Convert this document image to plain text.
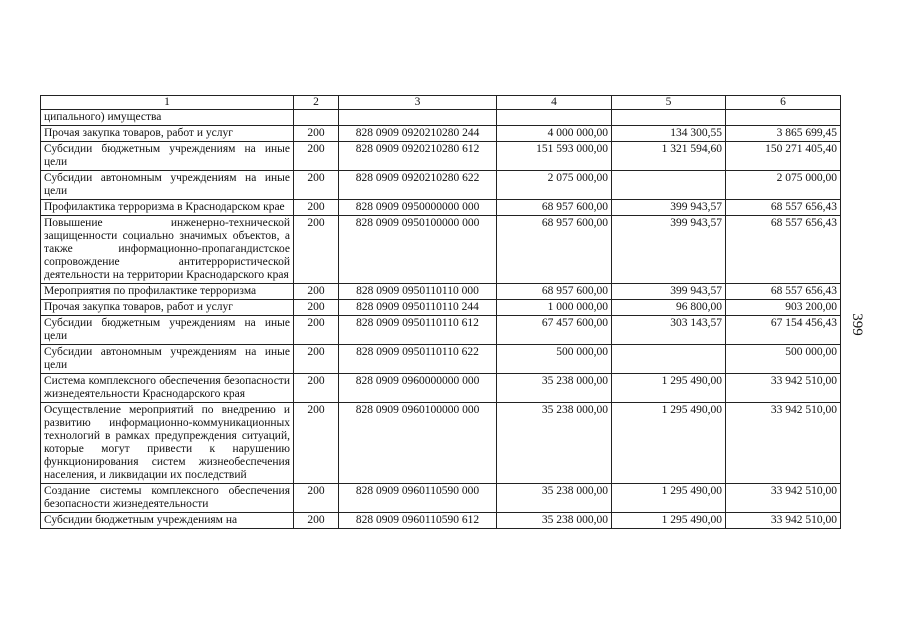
1	2	3	4	5	6
ципального) имущества					
Прочая закупка товаров, работ и услуг	200	828 0909 0920210280 244	4 000 000,00	134 300,55	3 865 699,45
Субсидии бюджетным учреждениям на иные цели	200	828 0909 0920210280 612	151 593 000,00	1 321 594,60	150 271 405,40
Субсидии автономным учреждениям на иные цели	200	828 0909 0920210280 622	2 075 000,00		2 075 000,00
Профилактика терроризма в Краснодарском крае	200	828 0909 0950000000 000	68 957 600,00	399 943,57	68 557 656,43
Повышение инженерно-технической защищенности социально значимых объектов, а также информационно-пропагандистское сопровождение антитеррористической деятельности на территории Краснодарского края	200	828 0909 0950100000 000	68 957 600,00	399 943,57	68 557 656,43
Мероприятия по профилактике терроризма	200	828 0909 0950110110 000	68 957 600,00	399 943,57	68 557 656,43
Прочая закупка товаров, работ и услуг	200	828 0909 0950110110 244	1 000 000,00	96 800,00	903 200,00
Субсидии бюджетным учреждениям на иные цели	200	828 0909 0950110110 612	67 457 600,00	303 143,57	67 154 456,43
Субсидии автономным учреждениям на иные цели	200	828 0909 0950110110 622	500 000,00		500 000,00
Система комплексного обеспечения безопасности жизнедеятельности Краснодарского края	200	828 0909 0960000000 000	35 238 000,00	1 295 490,00	33 942 510,00
Осуществление мероприятий по внедрению и развитию информационно-коммуникационных технологий в рамках предупреждения ситуаций, которые могут привести к нарушению функционирования систем жизнеобеспечения населения, и ликвидации их последствий	200	828 0909 0960100000 000	35 238 000,00	1 295 490,00	33 942 510,00
Создание системы комплексного обеспечения безопасности жизнедеятельности	200	828 0909 0960110590 000	35 238 000,00	1 295 490,00	33 942 510,00
Субсидии бюджетным учреждениям на	200	828 0909 0960110590 612	35 238 000,00	1 295 490,00	33 942 510,00
399
